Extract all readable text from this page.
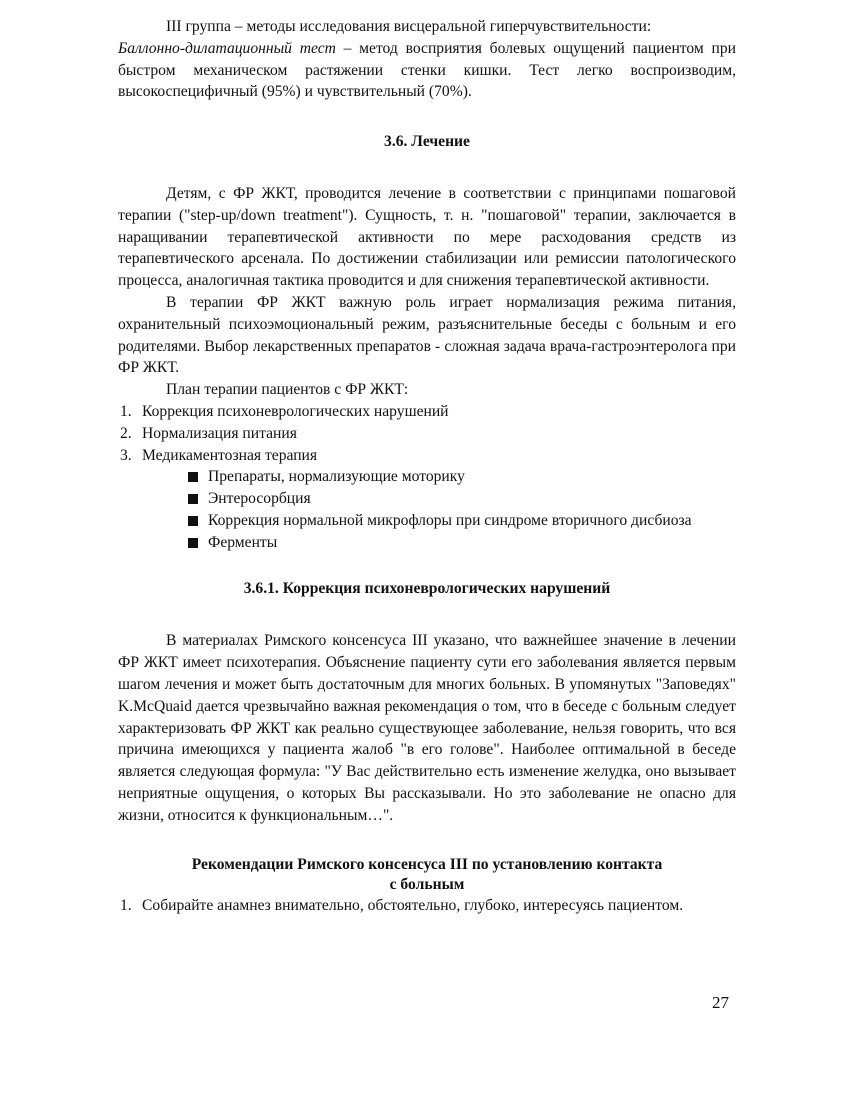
III группа – методы исследования висцеральной гиперчувствительности:
Баллонно-дилатационный тест – метод восприятия болевых ощущений пациентом при быстром механическом растяжении стенки кишки. Тест легко воспроизводим, высокоспецифичный (95%) и чувствительный (70%).

3.6. Лечение

Детям, с ФР ЖКТ, проводится лечение в соответствии с принципами пошаговой терапии ("step-up/down treatment"). Сущность, т. н. "пошаговой" терапии, заключается в наращивании терапевтической активности по мере расходования средств из терапевтического арсенала. По достижении стабилизации или ремиссии патологического процесса, аналогичная тактика проводится и для снижения терапевтической активности.

В терапии ФР ЖКТ важную роль играет нормализация режима питания, охранительный психоэмоциональный режим, разъяснительные беседы с больным и его родителями. Выбор лекарственных препаратов - сложная задача врача-гастроэнтеролога при ФР ЖКТ.

План терапии пациентов с ФР ЖКТ:

1. Коррекция психоневрологических нарушений
2. Нормализация питания
3. Медикаментозная терапия
Препараты, нормализующие моторику
Энтеросорбция
Коррекция нормальной микрофлоры при синдроме вторичного дисбиоза
Ферменты
3.6.1. Коррекция психоневрологических нарушений

В материалах Римского консенсуса III указано, что важнейшее значение в лечении ФР ЖКТ имеет психотерапия. Объяснение пациенту сути его заболевания является первым шагом лечения и может быть достаточным для многих больных. В упомянутых "Заповедях" K.McQuaid дается чрезвычайно важная рекомендация о том, что в беседе с больным следует характеризовать ФР ЖКТ как реально существующее заболевание, нельзя говорить, что вся причина имеющихся у пациента жалоб "в его голове". Наиболее оптимальной в беседе является следующая формула: "У Вас действительно есть изменение желудка, оно вызывает неприятные ощущения, о которых Вы рассказывали. Но это заболевание не опасно для жизни, относится к функциональным…".

Рекомендации Римского консенсуса III по установлению контакта
с больным
1. Собирайте анамнез внимательно, обстоятельно, глубоко, интересуясь пациентом.
27
